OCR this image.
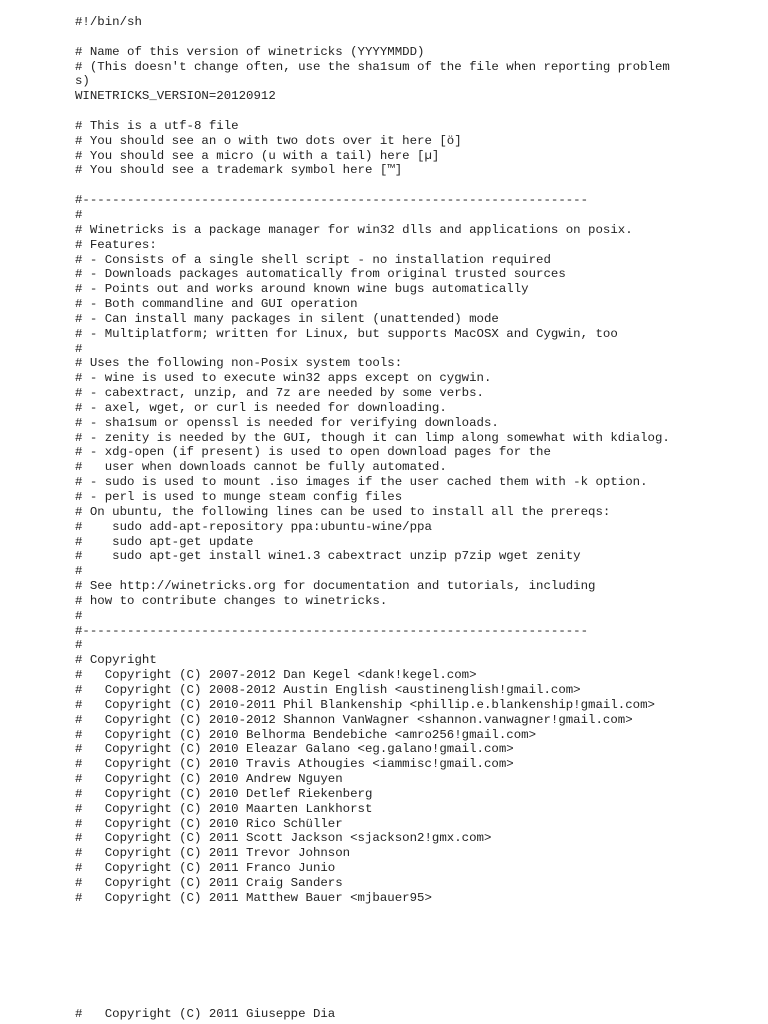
#!/bin/sh
# Name of this version of winetricks (YYYYMMDD)
# (This doesn't change often, use the sha1sum of the file when reporting problem
s)
WINETRICKS_VERSION=20120912
# This is a utf-8 file
# You should see an o with two dots over it here [ö]
# You should see a micro (u with a tail) here [µ]
# You should see a trademark symbol here [™]
#--------------------------------------------------------------------
#
# Winetricks is a package manager for win32 dlls and applications on posix.
# Features:
# - Consists of a single shell script - no installation required
# - Downloads packages automatically from original trusted sources
# - Points out and works around known wine bugs automatically
# - Both commandline and GUI operation
# - Can install many packages in silent (unattended) mode
# - Multiplatform; written for Linux, but supports MacOSX and Cygwin, too
#
# Uses the following non-Posix system tools:
# - wine is used to execute win32 apps except on cygwin.
# - cabextract, unzip, and 7z are needed by some verbs.
# - axel, wget, or curl is needed for downloading.
# - sha1sum or openssl is needed for verifying downloads.
# - zenity is needed by the GUI, though it can limp along somewhat with kdialog.
# - xdg-open (if present) is used to open download pages for the
#   user when downloads cannot be fully automated.
# - sudo is used to mount .iso images if the user cached them with -k option.
# - perl is used to munge steam config files
# On ubuntu, the following lines can be used to install all the prereqs:
#    sudo add-apt-repository ppa:ubuntu-wine/ppa
#    sudo apt-get update
#    sudo apt-get install wine1.3 cabextract unzip p7zip wget zenity
#
# See http://winetricks.org for documentation and tutorials, including
# how to contribute changes to winetricks.
#
#--------------------------------------------------------------------
#
# Copyright
#   Copyright (C) 2007-2012 Dan Kegel <dank!kegel.com>
#   Copyright (C) 2008-2012 Austin English <austinenglish!gmail.com>
#   Copyright (C) 2010-2011 Phil Blankenship <phillip.e.blankenship!gmail.com>
#   Copyright (C) 2010-2012 Shannon VanWagner <shannon.vanwagner!gmail.com>
#   Copyright (C) 2010 Belhorma Bendebiche <amro256!gmail.com>
#   Copyright (C) 2010 Eleazar Galano <eg.galano!gmail.com>
#   Copyright (C) 2010 Travis Athougies <iammisc!gmail.com>
#   Copyright (C) 2010 Andrew Nguyen
#   Copyright (C) 2010 Detlef Riekenberg
#   Copyright (C) 2010 Maarten Lankhorst
#   Copyright (C) 2010 Rico Schüller
#   Copyright (C) 2011 Scott Jackson <sjackson2!gmx.com>
#   Copyright (C) 2011 Trevor Johnson
#   Copyright (C) 2011 Franco Junio
#   Copyright (C) 2011 Craig Sanders
#   Copyright (C) 2011 Matthew Bauer <mjbauer95>
#   Copyright (C) 2011 Giuseppe Dia
